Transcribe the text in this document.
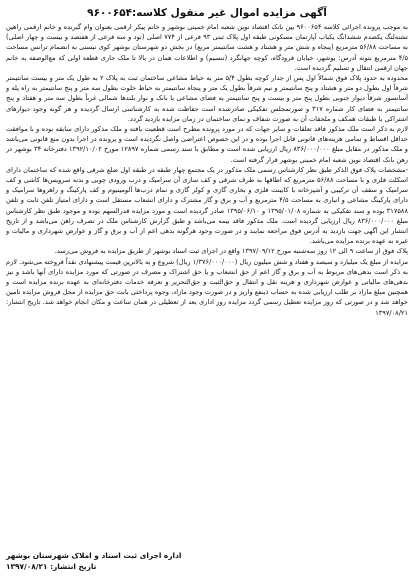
آگهی مزایده اموال غیر منقول کلاسه:۹۶۰۰۶۵۴

به موجب پرونده اجرائی کلاسه ۹۶۰۰۶۵۴ بین بانک اقتصاد نوین شعبه امام خمینی بوشهر و خانم پیکر ارقمی بعنوان وام گیرنده و خانم ارقمی راهین تشنه‌لنگ یکصدم ششدانگ یکباب آپارتمان مسکونی طبقه اول پلاک ثبتی ۹۳ فرعی از ۷۷۴ اصلی (نود و سه فرعی از هفتصد و بیست و چهار اصلی) به مساحت ۵۶/۸۸ مترمربع (پنجاه و شش متر و هشتاد و هشت سانتیمتر مربع) در بخش دو شهرستان بوشهر کوی نیستی به انضمام ترانس مساحت ۴/۵ مترمربع بتونه آدرس: بوشهر، خیابان فرودگاه، کوچه جهانگرد (تنسیم) و اطلاعات همان در بالا تا ملک جاری قطعه اولی که مع‌الوصفه به خانم جهان ارقمی انتقال و تسلیم گردیده است.

محدوده به حدود پلاک فوق شمالاً اول پس از جدار کوچه بطول ۵/۴ متر به حیاط مشاعی ساختمان ثبت به پلاک ۲ به طول یک متر و بیست سانتیمتر شرقاً اول بطول دو متر و هشتاد و پنج سانتیمتر و نیم شرقاً بطول یک متر و پنجاه سانتیمتر به حیاط خلوت بطول سه متر و پنج سانتیمتر به راه پله و آسانسور شرقاً دیوار جنوبی بطول پنج متر و بیست و پنج سانتیمتر به فضای مشاعی با بانک و نوار بلندها شمالی غرباً بطول سه متر و هفتاد و پنج سانتیمتر به فضای کار شماره ۳۱۷ و صورتمجلس تفکیکی صادرشده است حفاظت شده به کارشناسی ارسال گردیده و هر گونه وجود دیوارهای اشتراکی با طبقات همکف و ملحقات آن به صورت شفاف و نمای ساختمان در زمان مزایده بازدید گردد.

لازم به ذکر است ملک مذکور فاقد تعلقات و سایر جهات که در مورد پرونده مطرح است قطعیت یافته و ملک مذکور دارای سابقه بوده و با موافقت حداقل اقساط و تمامی هزینه‌های قانونی قابل اجرا بوده و در این خصوص اعتراضی واصل نگردیده است و پرونده در اجرا بدون منع قانونی می‌باشد و ملک مذکور در مقابل مبلغ ۸۳۶/۰۰۰/۰۰۰ ریال ارزیابی شده است و مطابق با سند رسمی شماره ۱۲۸۹۷ مورخ ۱۳۹۲/۱۰/۰۲ دفترخانه ۳۴ بوشهر در رهن بانک اقتصاد نوین شعبه امام خمینی بوشهر قرار گرفته است.

-مشخصات پلاک فوق الذکر طبق نظر کارشناس رسمی ملک مذکور در یک مجتمع چهار طبقه در طبقه اول ضلع شرقی واقع شده که ساختمان دارای اسکلت فلزی و با مساحت ۵۶/۸۸ مترمربع که اطاقها به طرف شرقی و کف سازی آن سرامیک و درب ورودی چوبی و بدنه سرویس‌ها کاشی و کف سرامیک و سقف آن ترکیبی و آشپزخانه با کابینت فلزی و بخاری گازی و کولر گازی و تمام درب‌ها آلومینیوم و کف پارکینگ و راهروها سرامیک و دارای پارکینگ مشاعی و انباری به مساحت ۴/۵ مترمربع و آب و برق و گاز مشترک و دارای انشعاب مستقل است و دارای امتیاز تلفن ثابت و تلفن ۳۱۷۵۸۸ بوده و سند تفکیکی به شماره ۱۳۹۵/۰۱/۰۸ و ۱۳۹۵/۰۶/۱۰ صادر گردیده است و مورد مزایده قدرالسهم بوده و موجود طبق نظر کارشناس مبلغ ۸۳۶/۰۰۰/۰۰۰ ریال ارزیابی گردیده است. ملک مذکور فاقد بیمه می‌باشد و طبق گزارش کارشناس ملک در تصرف راهن می‌باشد و از تاریخ انتشار این آگهی جهت بازدید به آدرس فوق مراجعه نمایند و در صورت وجود هرگونه بدهی اعم از آب و برق و گاز و عوارض شهرداری و مالیات و غیره به عهده برنده مزایده می‌باشد.

پلاک فوق از ساعت ۹ الی ۱۲ روز سه‌شنبه مورخ ۱۳۹۷/۰۹/۱۲ واقع در اجرای ثبت اسناد بوشهر از طریق مزایده به فروش می‌رسد.

مزایده از مبلغ یک میلیارد و سیصد و هفتاد و شش میلیون ریال (۱/۳۷۶/۰۰۰/۰۰۰ ریال) شروع و به بالاترین قیمت پیشنهادی نقداً فروخته می‌شود. لازم به ذکر است بدهی‌های مربوط به آب و برق و گاز اعم از حق انشعاب و یا حق اشتراک و مصرف در صورتی که مورد مزایده دارای آنها باشد و نیز بدهی‌های مالیاتی و عوارض شهرداری و هزینه نقل و انتقال و حق‌الثبت و حق‌التحریر و تعرفه خدمات دفترخانه‌ای به عهده برنده مزایده است و همچنین مبلغ مازاد بر طلب ارزیابی شده به حساب ذینفع واریز و در صورت وجود مازاد، وجوه پرداختی بابت حق مزایده از محل فروش مزایده تامین خواهد شد و در صورتی که روز مزایده تعطیل رسمی گردد مزایده روز اداری بعد از تعطیلی در همان ساعت و مکان انجام خواهد شد. تاریخ انتشار: ۱۳۹۷/۰۸/۲۱

اداره اجرای ثبت اسناد و املاک شهرستان بوشهر
تاریخ انتشار: ۱۳۹۷/۰۸/۲۱
